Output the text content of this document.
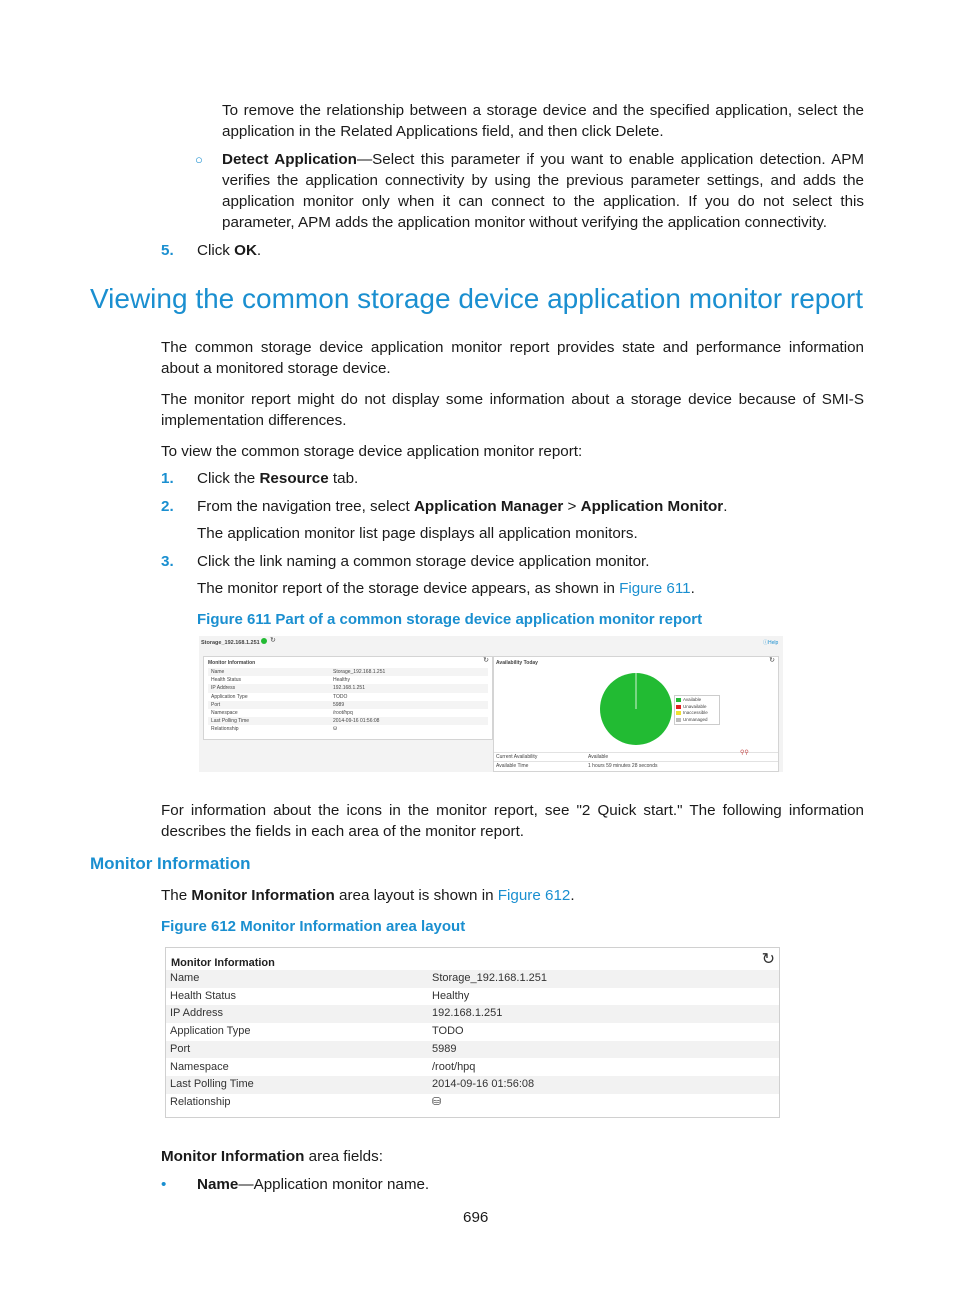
To remove the relationship between a storage device and the specified application, select the application in the Related Applications field, and then click Delete.
○ Detect Application—Select this parameter if you want to enable application detection. APM verifies the application connectivity by using the previous parameter settings, and adds the application monitor only when it can connect to the application. If you do not select this parameter, APM adds the application monitor without verifying the application connectivity.
5. Click OK.
Viewing the common storage device application monitor report
The common storage device application monitor report provides state and performance information about a monitored storage device.
The monitor report might do not display some information about a storage device because of SMI-S implementation differences.
To view the common storage device application monitor report:
1. Click the Resource tab.
2. From the navigation tree, select Application Manager > Application Monitor.
The application monitor list page displays all application monitors.
3. Click the link naming a common storage device application monitor.
The monitor report of the storage device appears, as shown in Figure 611.
Figure 611 Part of a common storage device application monitor report
Storage_192.168.1.251 ↻	ⓘHelp
Monitor Information	↻
Name	Storage_192.168.1.251
Health Status	Healthy
IP Address	192.168.1.251
Application Type	TODO
Port	5989
Namespace	/root/hpq
Last Polling Time	2014-09-16 01:56:08
Relationship	⛁
Availability Today	↻
Available
Unavailable
Inaccessible
Unmanaged
Current Availability	Available
Available Time	1 hours 59 minutes 28 seconds
⚲⚲
For information about the icons in the monitor report, see "2 Quick start." The following information describes the fields in each area of the monitor report.
Monitor Information
The Monitor Information area layout is shown in Figure 612.
Figure 612 Monitor Information area layout
Monitor Information	↻
Name	Storage_192.168.1.251
Health Status	Healthy
IP Address	192.168.1.251
Application Type	TODO
Port	5989
Namespace	/root/hpq
Last Polling Time	2014-09-16 01:56:08
Relationship	⛁
Monitor Information area fields:
• Name—Application monitor name.
696
